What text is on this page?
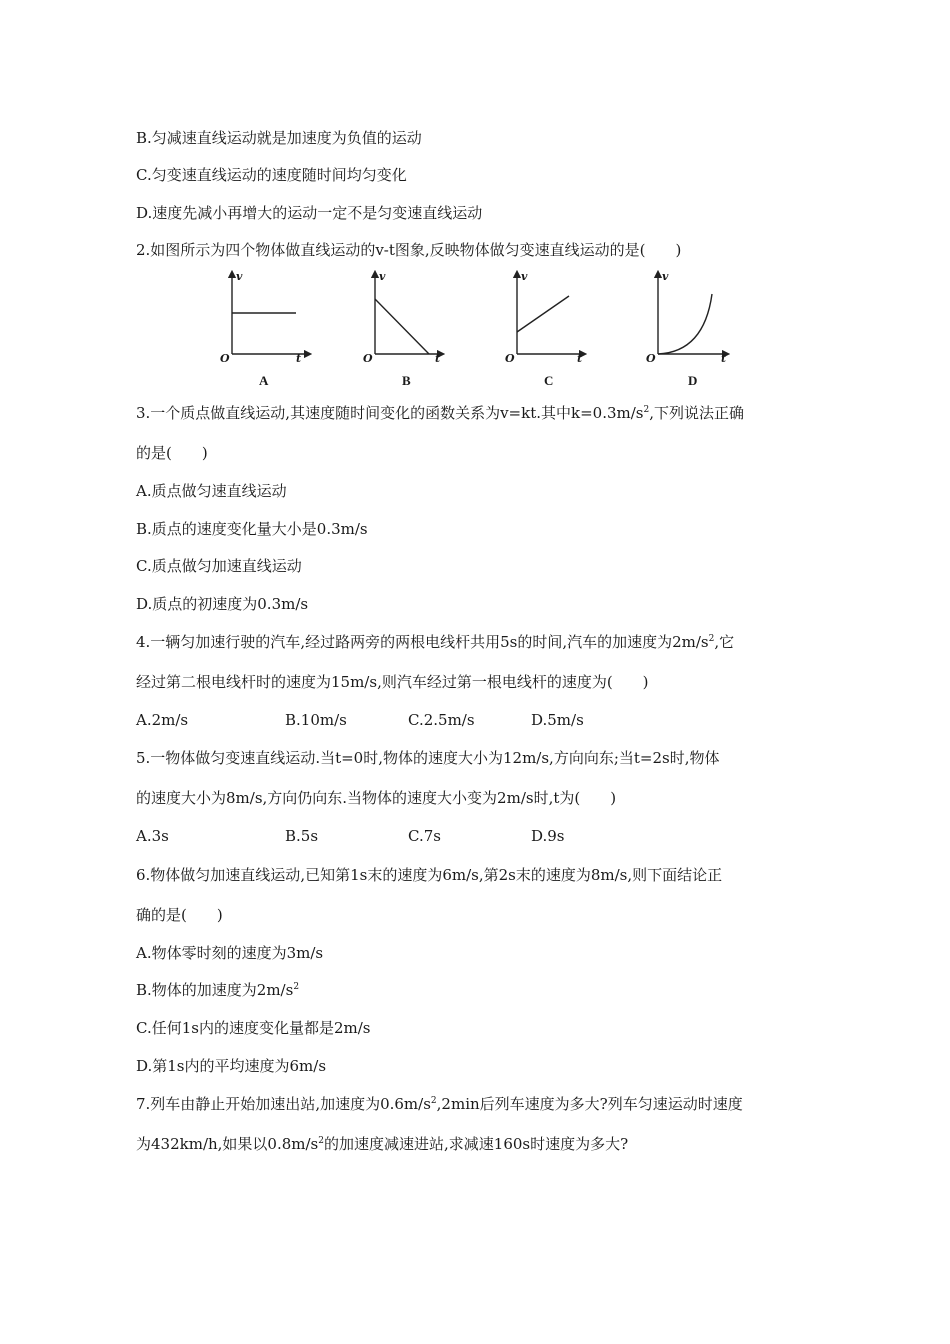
B.匀减速直线运动就是加速度为负值的运动
C.匀变速直线运动的速度随时间均匀变化
D.速度先减小再增大的运动一定不是匀变速直线运动
2.如图所示为四个物体做直线运动的v-t图象,反映物体做匀变速直线运动的是(　　)
v
O	t
A
v
O	t
B
v
O	t
C
v
O	t
D
3.一个质点做直线运动,其速度随时间变化的函数关系为v=kt.其中$k=0.3m/s^2$,下列说法正确
的是(　　)
A.质点做匀速直线运动
B.质点的速度变化量大小是0.3m/s
C.质点做匀加速直线运动
D.质点的初速度为0.3m/s
4.一辆匀加速行驶的汽车,经过路两旁的两根电线杆共用5s的时间,汽车的加速度为$2m/s^2$,它
经过第二根电线杆时的速度为15m/s,则汽车经过第一根电线杆的速度为(　　)
A.2m/s	B.10m/s	C.2.5m/s	D.5m/s
5.一物体做匀变速直线运动.当t=0时,物体的速度大小为12m/s,方向向东;当t=2s时,物体
的速度大小为8m/s,方向仍向东.当物体的速度大小变为2m/s时,t为(　　)
A.3s	B.5s	C.7s	D.9s
6.物体做匀加速直线运动,已知第1s末的速度为6m/s,第2s末的速度为8m/s,则下面结论正
确的是(　　)
A.物体零时刻的速度为3m/s
B.物体的加速度为$2m/s^2$
C.任何1s内的速度变化量都是2m/s
D.第1s内的平均速度为6m/s
7.列车由静止开始加速出站,加速度为$0.6m/s^2,2\min$后列车速度为多大?列车匀速运动时速度
为432km/h,如果以$0.8m/s^2$的加速度减速进站,求减速160s时速度为多大?
